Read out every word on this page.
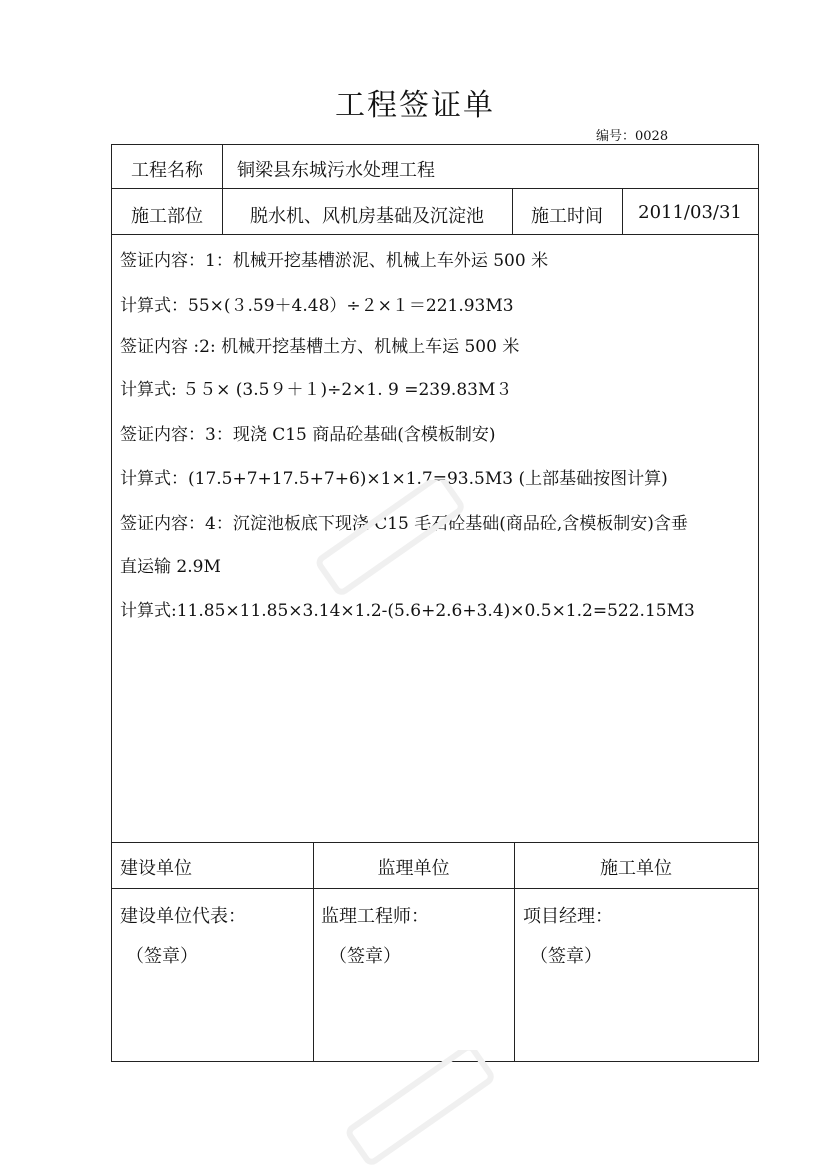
工程签证单
编号：0028
工程名称	铜梁县东城污水处理工程
施工部位	脱水机、风机房基础及沉淀池	施工时间	2011/03/31
签证内容：1：机械开挖基槽淤泥、机械上车外运 500 米
计算式：55×(３.59＋4.48）÷２×１＝221.93M3
签证内容 :2: 机械开挖基槽土方、机械上车运 500 米
计算式: ５５× (3.5９＋１)÷2×1. 9 =239.83M３
签证内容：3：现浇 C15 商品砼基础(含模板制安)
计算式：(17.5+7+17.5+7+6)×1×1.7=93.5M3 (上部基础按图计算)
签证内容：4：沉淀池板底下现浇 C15 毛石砼基础(商品砼,含模板制安)含垂
直运输 2.9M
计算式:11.85×11.85×3.14×1.2-(5.6+2.6+3.4)×0.5×1.2=522.15M3
建设单位	监理单位	施工单位
建设单位代表：	监理工程师：	项目经理：
（签章）	（签章）	（签章）
